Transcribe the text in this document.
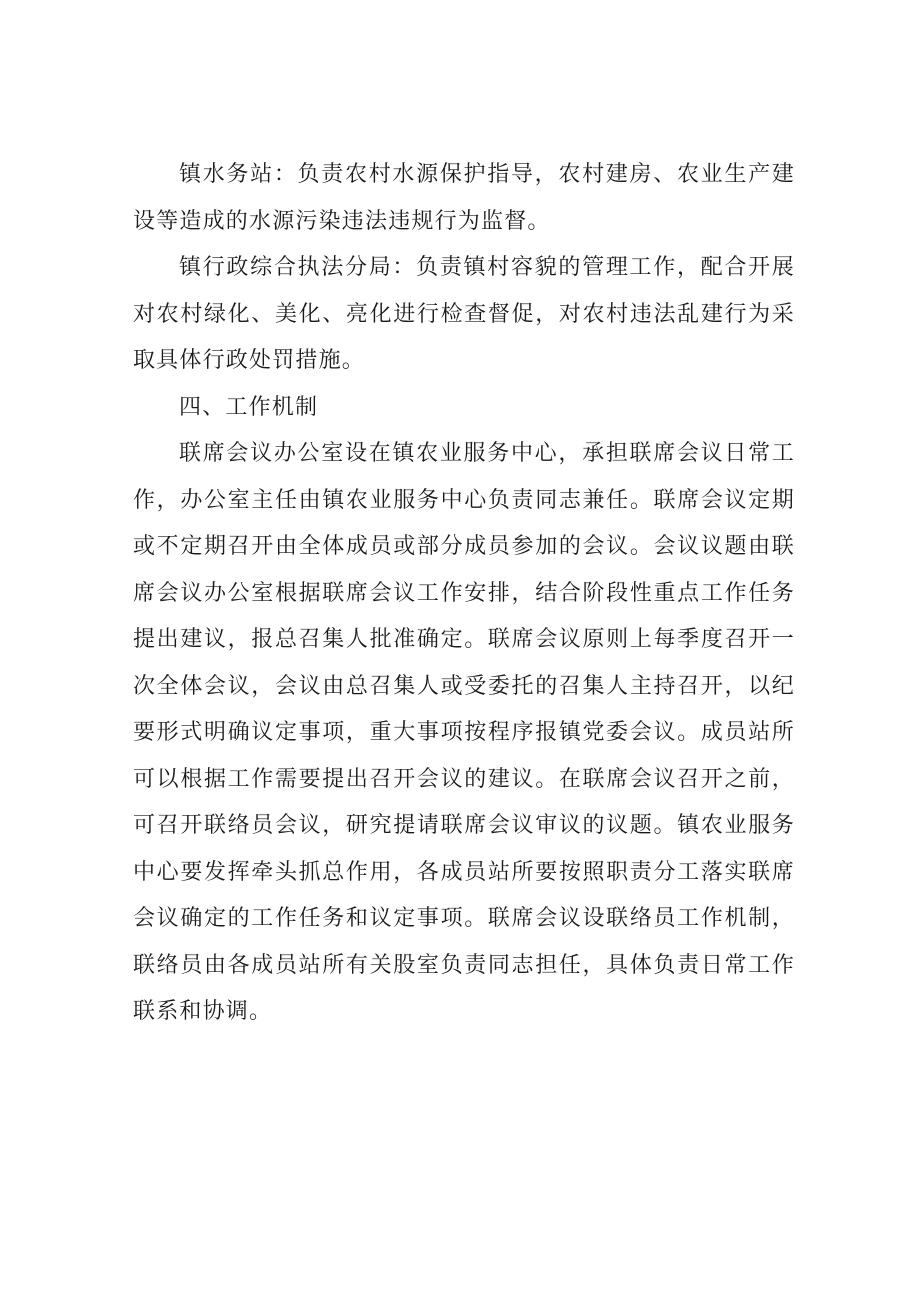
镇水务站：负责农村水源保护指导，农村建房、农业生产建设等造成的水源污染违法违规行为监督。

镇行政综合执法分局：负责镇村容貌的管理工作，配合开展对农村绿化、美化、亮化进行检查督促，对农村违法乱建行为采取具体行政处罚措施。

四、工作机制

联席会议办公室设在镇农业服务中心，承担联席会议日常工作，办公室主任由镇农业服务中心负责同志兼任。联席会议定期或不定期召开由全体成员或部分成员参加的会议。会议议题由联席会议办公室根据联席会议工作安排，结合阶段性重点工作任务提出建议，报总召集人批准确定。联席会议原则上每季度召开一次全体会议，会议由总召集人或受委托的召集人主持召开，以纪要形式明确议定事项，重大事项按程序报镇党委会议。成员站所可以根据工作需要提出召开会议的建议。在联席会议召开之前，可召开联络员会议，研究提请联席会议审议的议题。镇农业服务中心要发挥牵头抓总作用，各成员站所要按照职责分工落实联席会议确定的工作任务和议定事项。联席会议设联络员工作机制，联络员由各成员站所有关股室负责同志担任，具体负责日常工作联系和协调。
